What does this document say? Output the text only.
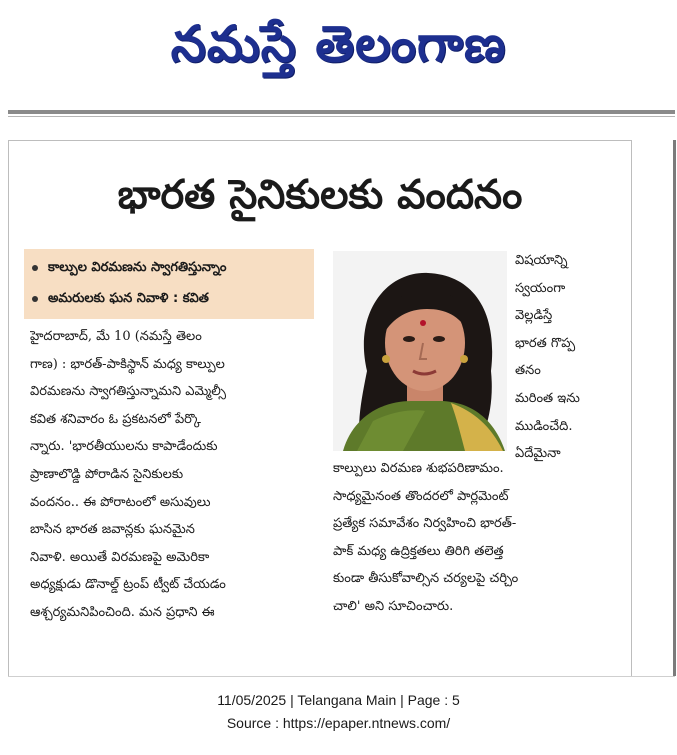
నమస్తే తెలంగాణ
భారత సైనికులకు వందనం
కాల్పుల విరమణను స్వాగతిస్తున్నాం
అమరులకు ఘన నివాళి : కవిత
హైదరాబాద్, మే 10 (నమస్తే తెలం
గాణ) : భారత్-పాకిస్థాన్ మధ్య కాల్పుల
విరమణను స్వాగతిస్తున్నామని ఎమ్మెల్సీ
కవిత శనివారం ఓ ప్రకటనలో పేర్కొ
న్నారు. 'భారతీయులను కాపాడేందుకు
ప్రాణాలొడ్డి పోరాడిన సైనికులకు
వందనం.. ఈ పోరాటంలో అసువులు
బాసిన భారత జవాన్లకు ఘనమైన
నివాళి. అయితే విరమణపై అమెరికా
అధ్యక్షుడు డొనాల్డ్ ట్రంప్ ట్వీట్ చేయడం
ఆశ్చర్యమనిపించింది. మన ప్రధాని ఈ
విషయాన్ని
స్వయంగా
వెల్లడిస్తే
భారత గొప్ప
తనం
మరింత ఇను
ముడించేది.
ఏదేమైనా
కాల్పులు విరమణ శుభపరిణామం.
సాధ్యమైనంత తొందరలో పార్లమెంట్
ప్రత్యేక సమావేశం నిర్వహించి భారత్-
పాక్ మధ్య ఉద్రిక్తతలు తిరిగి తలెత్త
కుండా తీసుకోవాల్సిన చర్యలపై చర్చిం
చాలి' అని సూచించారు.
11/05/2025 | Telangana Main | Page : 5
Source : https://epaper.ntnews.com/
